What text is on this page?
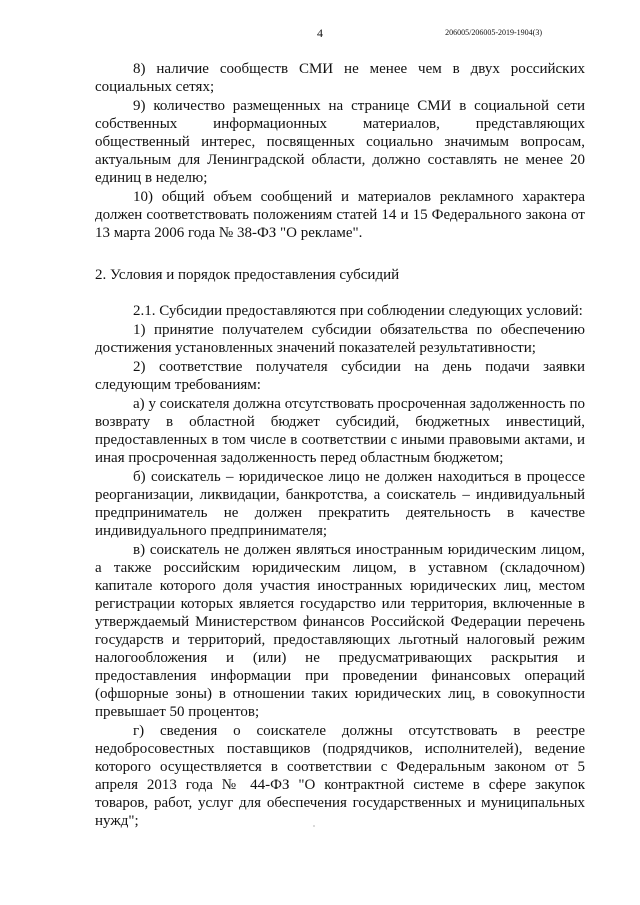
4	206005/206005-2019-1904(3)

8) наличие сообществ СМИ не менее чем в двух российских социальных сетях;

9) количество размещенных на странице СМИ в социальной сети собственных информационных материалов, представляющих общественный интерес, посвященных социально значимым вопросам, актуальным для Ленинградской области, должно составлять не менее 20 единиц в неделю;

10) общий объем сообщений и материалов рекламного характера должен соответствовать положениям статей 14 и 15 Федерального закона от 13 марта 2006 года № 38-ФЗ "О рекламе".

2. Условия и порядок предоставления субсидий

2.1. Субсидии предоставляются при соблюдении следующих условий:

1) принятие получателем субсидии обязательства по обеспечению достижения установленных значений показателей результативности;

2) соответствие получателя субсидии на день подачи заявки следующим требованиям:

а) у соискателя должна отсутствовать просроченная задолженность по возврату в областной бюджет субсидий, бюджетных инвестиций, предоставленных в том числе в соответствии с иными правовыми актами, и иная просроченная задолженность перед областным бюджетом;

б) соискатель – юридическое лицо не должен находиться в процессе реорганизации, ликвидации, банкротства, а соискатель – индивидуальный предприниматель не должен прекратить деятельность в качестве индивидуального предпринимателя;

в) соискатель не должен являться иностранным юридическим лицом, а также российским юридическим лицом, в уставном (складочном) капитале которого доля участия иностранных юридических лиц, местом регистрации которых является государство или территория, включенные в утверждаемый Министерством финансов Российской Федерации перечень государств и территорий, предоставляющих льготный налоговый режим налогообложения и (или) не предусматривающих раскрытия и предоставления информации при проведении финансовых операций (офшорные зоны) в отношении таких юридических лиц, в совокупности превышает 50 процентов;

г) сведения о соискателе должны отсутствовать в реестре недобросовестных поставщиков (подрядчиков, исполнителей), ведение которого осуществляется в соответствии с Федеральным законом от 5 апреля 2013 года № 44-ФЗ "О контрактной системе в сфере закупок товаров, работ, услуг для обеспечения государственных и муниципальных нужд";
